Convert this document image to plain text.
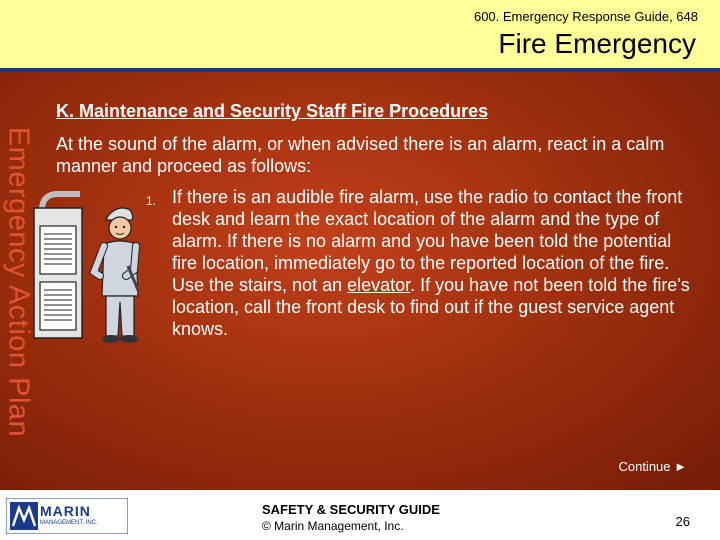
600. Emergency Response Guide, 648
Fire Emergency
Emergency Action Plan
K. Maintenance and Security Staff Fire Procedures
At the sound of the alarm, or when advised there is an alarm, react in a calm manner and proceed as follows:
1. If there is an audible fire alarm, use the radio to contact the front desk and learn the exact location of the alarm and the type of alarm. If there is no alarm and you have been told the potential fire location, immediately go to the reported location of the fire. Use the stairs, not an elevator. If you have not been told the fire's location, call the front desk to find out if the guest service agent knows.
Continue ►
MARIN
MANAGEMENT, INC.
SAFETY & SECURITY GUIDE
© Marin Management, Inc.	26
